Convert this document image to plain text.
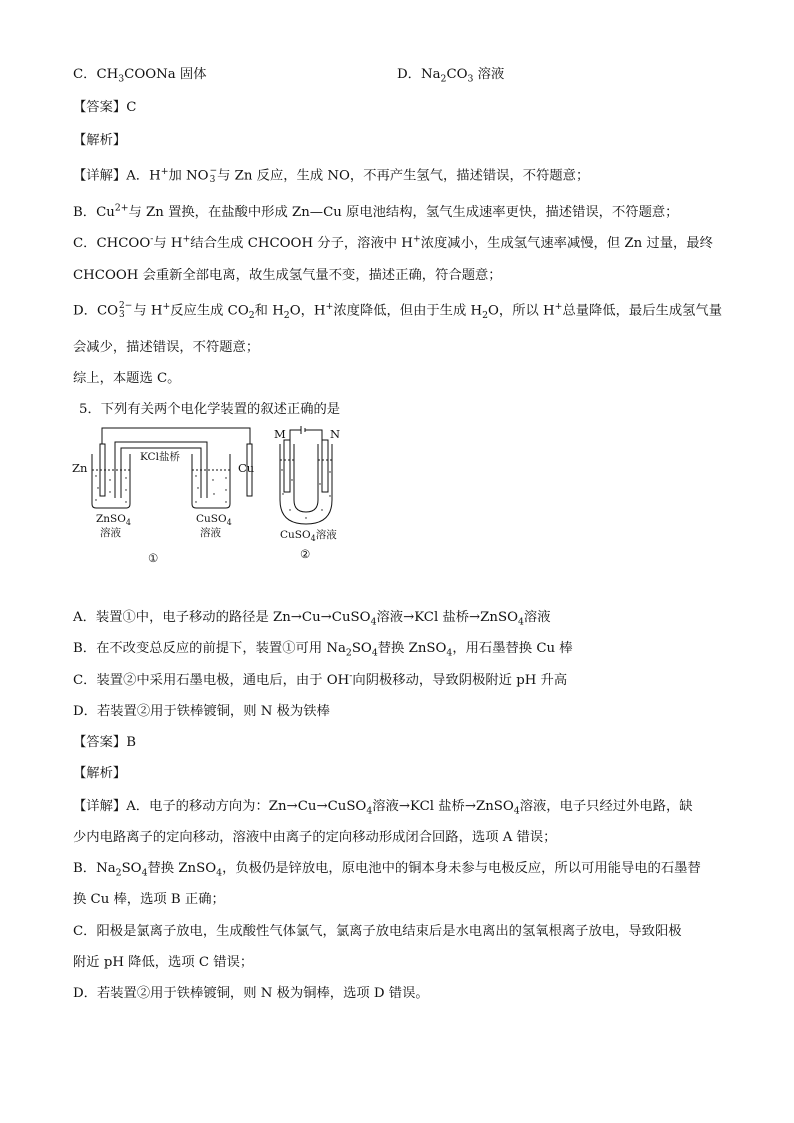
C．$CH_3COONa$ 固体	D．$Na_2CO_3$ 溶液
【答案】C
【解析】
【详解】A．H+加 NO −
3 与 Zn 反应，生成 NO，不再产生氢气，描述错误，不符题意；
B．$Cu^{2+}$与 Zn 置换，在盐酸中形成 Zn—Cu 原电池结构，氢气生成速率更快，描述错误，不符题意；
C．CHCOO-与 H+结合生成 CHCOOH 分子，溶液中 H+浓度减小，生成氢气速率减慢，但 Zn 过量，最终
CHCOOH 会重新全部电离，故生成氢气量不变，描述正确，符合题意；
D．CO 2−
3 与 H+反应生成 $CO_2$和 $H_2O$，H+浓度降低，但由于生成 $H_2O$，所以 H+总量降低，最后生成氢气量
会减少，描述错误，不符题意；
综上，本题选 C。
5．下列有关两个电化学装置的叙述正确的是
Zn	Cu
KCl盐桥
ZnSO$_4$
溶液
CuSO$_4$
溶液
①
M	N
CuSO$_4$溶液
②
A．装置①中，电子移动的路径是 Zn→Cu→CuSO$_4$溶液→KCl 盐桥→ZnSO$_4$溶液
B．在不改变总反应的前提下，装置①可用 $Na_2SO_4$替换 ZnSO$_4$，用石墨替换 Cu 棒
C．装置②中采用石墨电极，通电后，由于 OH-向阴极移动，导致阴极附近 pH 升高
D．若装置②用于铁棒镀铜，则 N 极为铁棒
【答案】B
【解析】
【详解】A．电子的移动方向为：Zn→Cu→CuSO$_4$溶液→KCl 盐桥→ZnSO$_4$溶液，电子只经过外电路，缺
少内电路离子的定向移动，溶液中由离子的定向移动形成闭合回路，选项 A 错误；
B．$Na_2SO_4$替换 ZnSO$_4$，负极仍是锌放电，原电池中的铜本身未参与电极反应，所以可用能导电的石墨替
换 Cu 棒，选项 B 正确；
C．阳极是氯离子放电，生成酸性气体氯气，氯离子放电结束后是水电离出的氢氧根离子放电，导致阳极
附近 pH 降低，选项 C 错误；
D．若装置②用于铁棒镀铜，则 N 极为铜棒，选项 D 错误。
